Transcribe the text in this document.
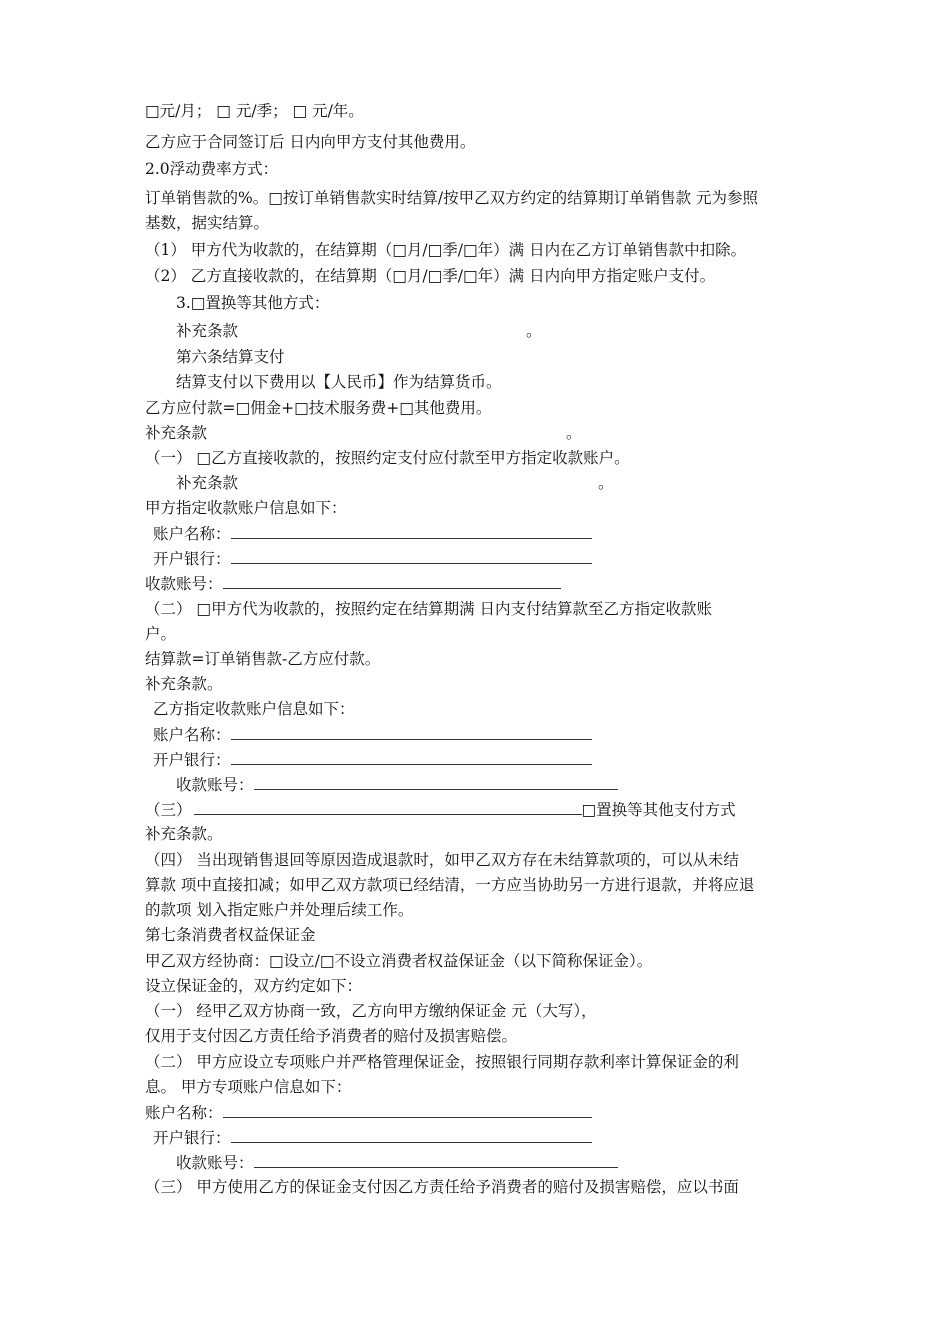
□元/月； □ 元/季； □ 元/年。
乙方应于合同签订后 日内向甲方支付其他费用。
2.0浮动费率方式：
订单销售款的%。□按订单销售款实时结算/按甲乙双方约定的结算期订单销售款 元为参照
基数，据实结算。
（1） 甲方代为收款的，在结算期（□月/□季/□年）满 日内在乙方订单销售款中扣除。
（2） 乙方直接收款的，在结算期（□月/□季/□年）满 日内向甲方指定账户支付。
3.□置换等其他方式：
补充条款	。
第六条结算支付
结算支付以下费用以【人民币】作为结算货币。
乙方应付款=□佣金+□技术服务费+□其他费用。
补充条款	。
（一） □乙方直接收款的，按照约定支付应付款至甲方指定收款账户。
补充条款	。
甲方指定收款账户信息如下：
账户名称：
开户银行：
收款账号：
（二） □甲方代为收款的，按照约定在结算期满 日内支付结算款至乙方指定收款账
户。
结算款=订单销售款-乙方应付款。
补充条款。
乙方指定收款账户信息如下：
账户名称：
开户银行：
收款账号：
（三）	□置换等其他支付方式
补充条款。
（四） 当出现销售退回等原因造成退款时，如甲乙双方存在未结算款项的，可以从未结
算款 项中直接扣减；如甲乙双方款项已经结清，一方应当协助另一方进行退款，并将应退
的款项 划入指定账户并处理后续工作。
第七条消费者权益保证金
甲乙双方经协商：□设立/□不设立消费者权益保证金（以下简称保证金）。
设立保证金的，双方约定如下：
（一） 经甲乙双方协商一致，乙方向甲方缴纳保证金 元（大写），
仅用于支付因乙方责任给予消费者的赔付及损害赔偿。
（二） 甲方应设立专项账户并严格管理保证金，按照银行同期存款利率计算保证金的利
息。 甲方专项账户信息如下：
账户名称：
开户银行：
收款账号：
（三） 甲方使用乙方的保证金支付因乙方责任给予消费者的赔付及损害赔偿，应以书面
